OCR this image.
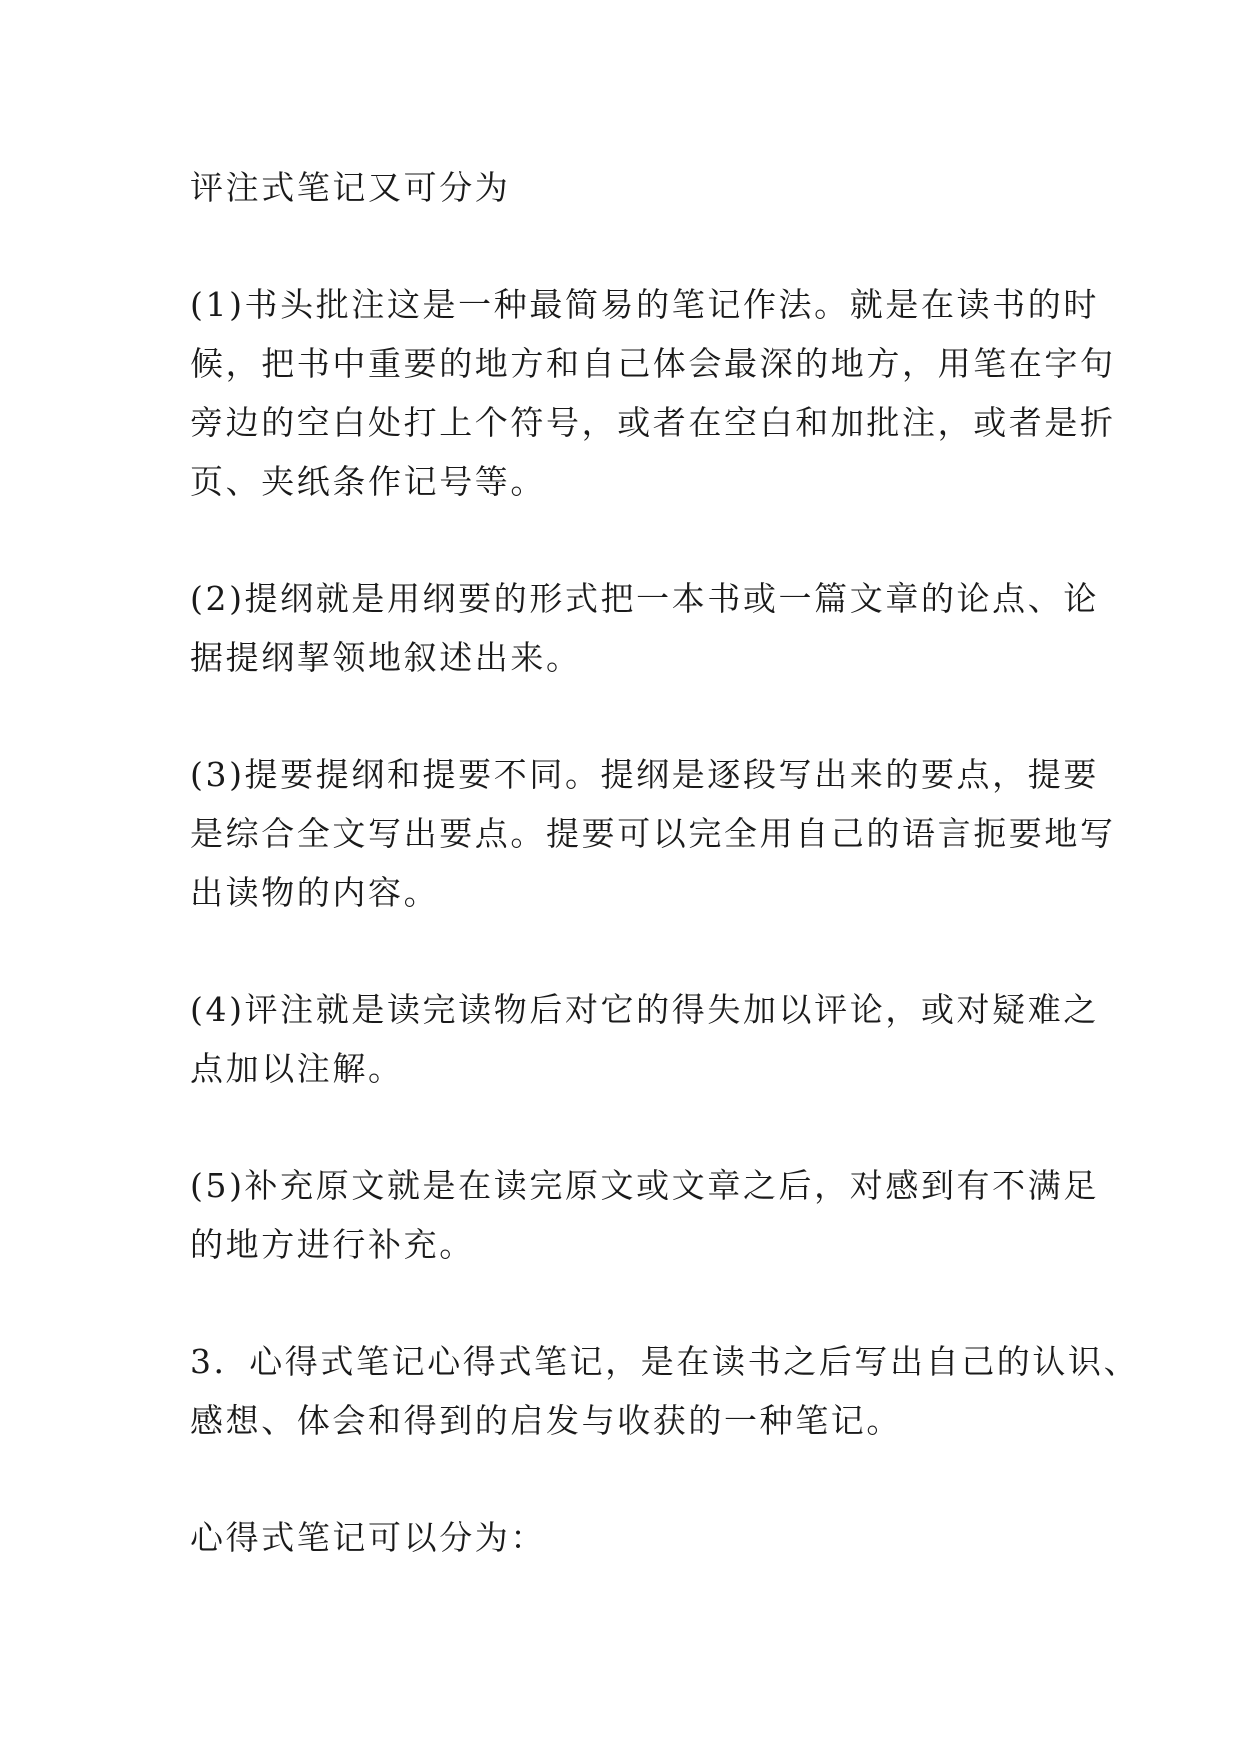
评注式笔记又可分为

(1)书头批注这是一种最简易的笔记作法。就是在读书的时
候，把书中重要的地方和自己体会最深的地方，用笔在字句
旁边的空白处打上个符号，或者在空白和加批注，或者是折
页、夹纸条作记号等。

(2)提纲就是用纲要的形式把一本书或一篇文章的论点、论
据提纲挈领地叙述出来。

(3)提要提纲和提要不同。提纲是逐段写出来的要点，提要
是综合全文写出要点。提要可以完全用自己的语言扼要地写
出读物的内容。

(4)评注就是读完读物后对它的得失加以评论，或对疑难之
点加以注解。

(5)补充原文就是在读完原文或文章之后，对感到有不满足
的地方进行补充。

3．心得式笔记心得式笔记，是在读书之后写出自己的认识、
感想、体会和得到的启发与收获的一种笔记。

心得式笔记可以分为：
